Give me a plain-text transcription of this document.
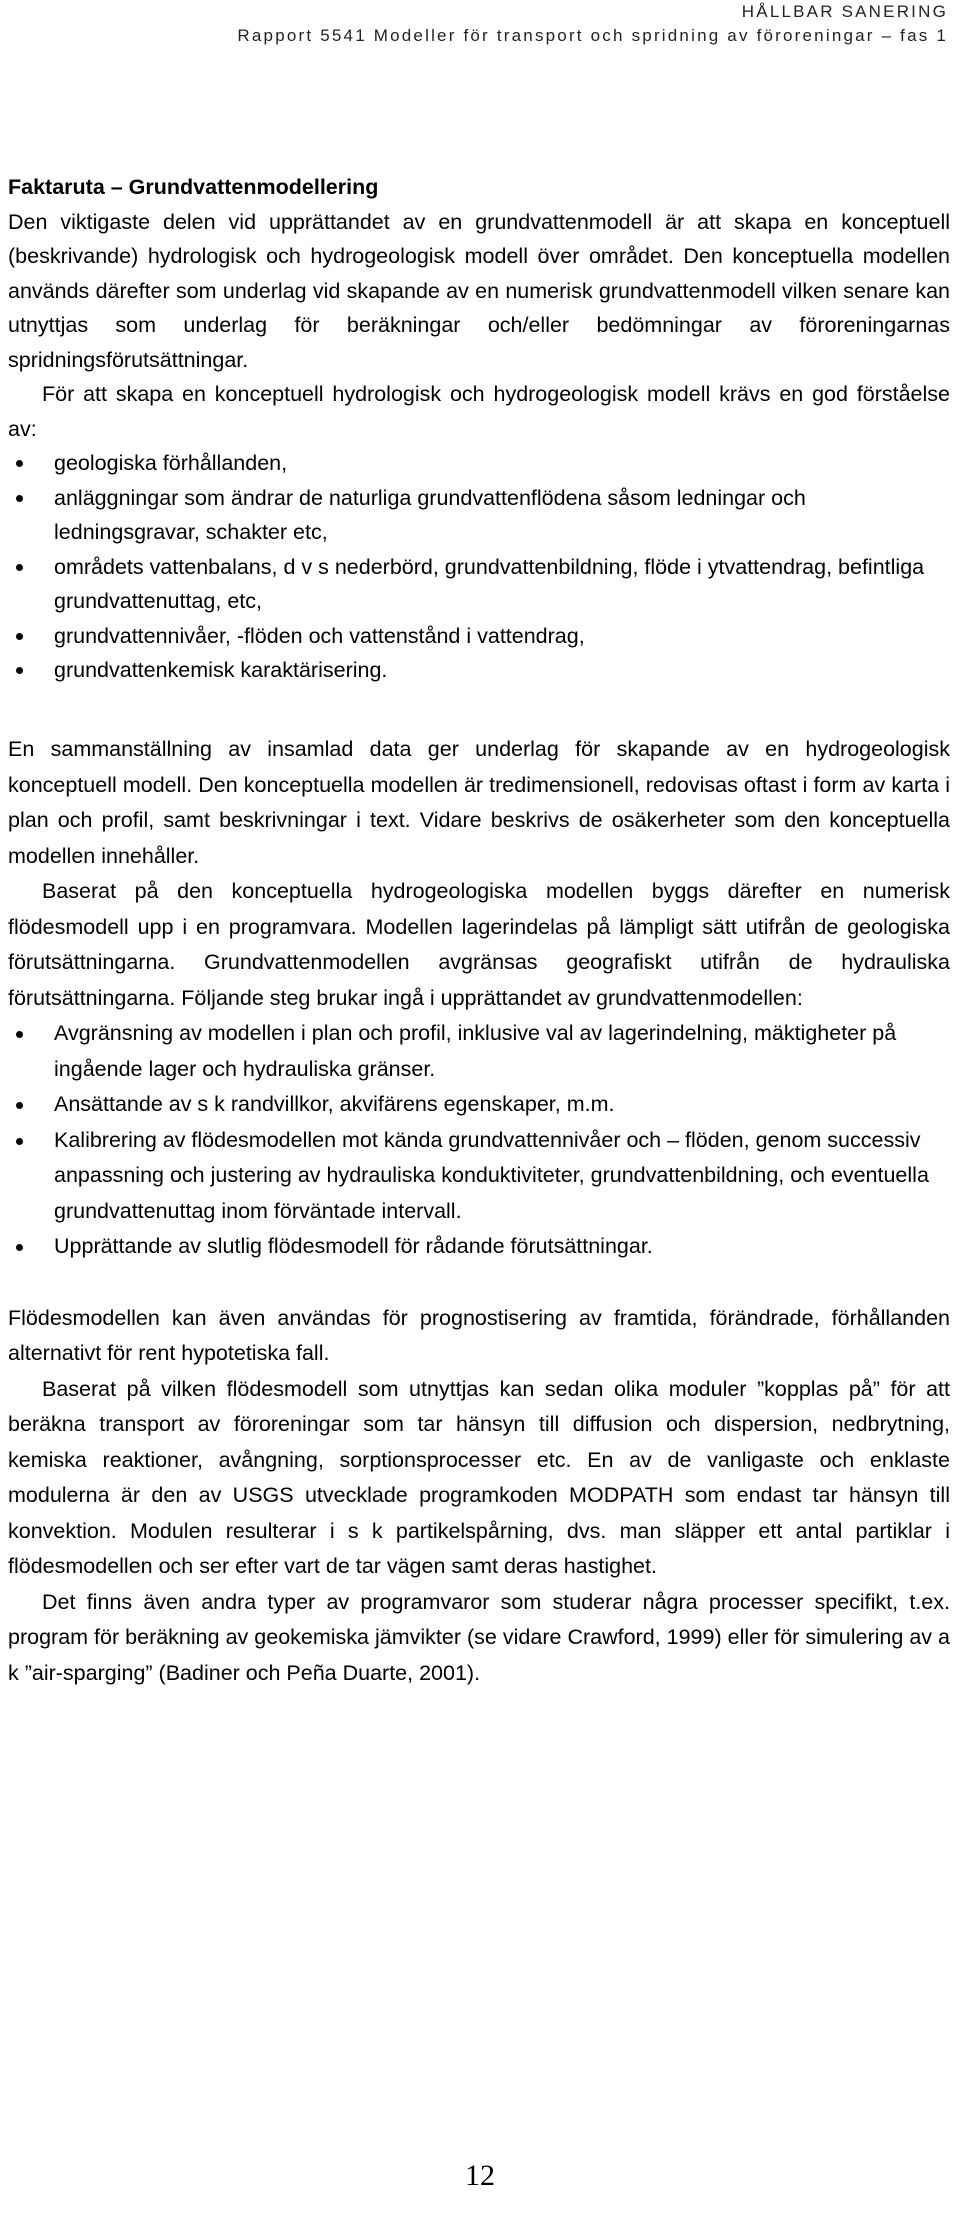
HÅLLBAR SANERING
Rapport 5541 Modeller för transport och spridning av föroreningar – fas 1
Faktaruta – Grundvattenmodellering

Den viktigaste delen vid upprättandet av en grundvattenmodell är att skapa en konceptuell (beskrivande) hydrologisk och hydrogeologisk modell över området. Den konceptuella modellen används därefter som underlag vid skapande av en numerisk grundvattenmodell vilken senare kan utnyttjas som underlag för beräkningar och/eller bedömningar av föroreningarnas spridningsförutsättningar.

För att skapa en konceptuell hydrologisk och hydrogeologisk modell krävs en god förståelse av:

geologiska förhållanden,
anläggningar som ändrar de naturliga grundvattenflödena såsom ledningar och ledningsgravar, schakter etc,
områdets vattenbalans, d v s nederbörd, grundvattenbildning, flöde i ytvattendrag, befintliga grundvattenuttag, etc,
grundvattennivåer, -flöden och vattenstånd i vattendrag,
grundvattenkemisk karaktärisering.

En sammanställning av insamlad data ger underlag för skapande av en hydrogeologisk konceptuell modell. Den konceptuella modellen är tredimensionell, redovisas oftast i form av karta i plan och profil, samt beskrivningar i text. Vidare beskrivs de osäkerheter som den konceptuella modellen innehåller.

Baserat på den konceptuella hydrogeologiska modellen byggs därefter en numerisk flödesmodell upp i en programvara. Modellen lagerindelas på lämpligt sätt utifrån de geologiska förutsättningarna. Grundvattenmodellen avgränsas geografiskt utifrån de hydrauliska förutsättningarna. Följande steg brukar ingå i upprättandet av grundvattenmodellen:

Avgränsning av modellen i plan och profil, inklusive val av lagerindelning, mäktigheter på ingående lager och hydrauliska gränser.
Ansättande av s k randvillkor, akvifärens egenskaper, m.m.
Kalibrering av flödesmodellen mot kända grundvattennivåer och – flöden, genom successiv anpassning och justering av hydrauliska konduktiviteter, grundvattenbildning, och eventuella grundvattenuttag inom förväntade intervall.
Upprättande av slutlig flödesmodell för rådande förutsättningar.

Flödesmodellen kan även användas för prognostisering av framtida, förändrade, förhållanden alternativt för rent hypotetiska fall.

Baserat på vilken flödesmodell som utnyttjas kan sedan olika moduler ”kopplas på” för att beräkna transport av föroreningar som tar hänsyn till diffusion och dispersion, nedbrytning, kemiska reaktioner, avångning, sorptionsprocesser etc. En av de vanligaste och enklaste modulerna är den av USGS utvecklade programkoden MODPATH som endast tar hänsyn till konvektion. Modulen resulterar i s k partikelspårning, dvs. man släpper ett antal partiklar i flödesmodellen och ser efter vart de tar vägen samt deras hastighet.

Det finns även andra typer av programvaror som studerar några processer specifikt, t.ex. program för beräkning av geokemiska jämvikter (se vidare Crawford, 1999) eller för simulering av a k ”air-sparging” (Badiner och Peña Duarte, 2001).

12
